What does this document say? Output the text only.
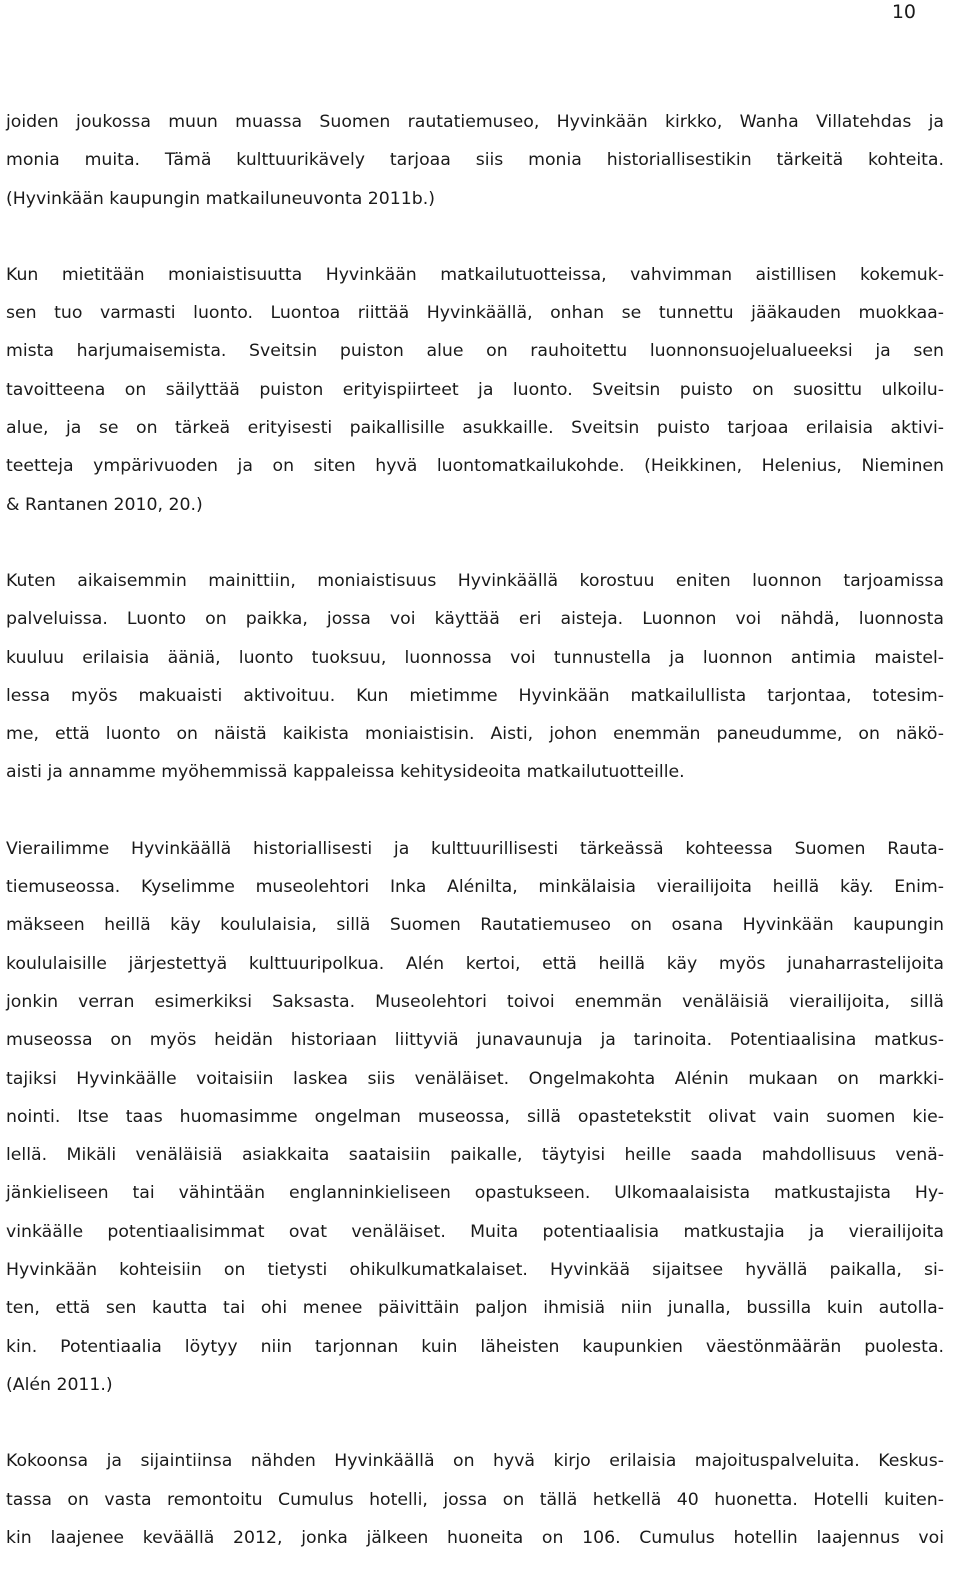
10
joiden joukossa muun muassa Suomen rautatiemuseo, Hyvinkään kirkko, Wanha Villatehdas ja
monia muita. Tämä kulttuurikävely tarjoaa siis monia historiallisestikin tärkeitä kohteita.
(Hyvinkään kaupungin matkailuneuvonta 2011b.)
Kun mietitään moniaistisuutta Hyvinkään matkailutuotteissa, vahvimman aistillisen kokemuk-
sen tuo varmasti luonto. Luontoa riittää Hyvinkäällä, onhan se tunnettu jääkauden muokkaa-
mista harjumaisemista. Sveitsin puiston alue on rauhoitettu luonnonsuojelualueeksi ja sen
tavoitteena on säilyttää puiston erityispiirteet ja luonto. Sveitsin puisto on suosittu ulkoilu-
alue, ja se on tärkeä erityisesti paikallisille asukkaille. Sveitsin puisto tarjoaa erilaisia aktivi-
teetteja ympärivuoden ja on siten hyvä luontomatkailukohde. (Heikkinen, Helenius, Nieminen
& Rantanen 2010, 20.)
Kuten aikaisemmin mainittiin, moniaistisuus Hyvinkäällä korostuu eniten luonnon tarjoamissa
palveluissa. Luonto on paikka, jossa voi käyttää eri aisteja. Luonnon voi nähdä, luonnosta
kuuluu erilaisia ääniä, luonto tuoksuu, luonnossa voi tunnustella ja luonnon antimia maistel-
lessa myös makuaisti aktivoituu. Kun mietimme Hyvinkään matkailullista tarjontaa, totesim-
me, että luonto on näistä kaikista moniaistisin. Aisti, johon enemmän paneudumme, on näkö-
aisti ja annamme myöhemmissä kappaleissa kehitysideoita matkailutuotteille.
Vierailimme Hyvinkäällä historiallisesti ja kulttuurillisesti tärkeässä kohteessa Suomen Rauta-
tiemuseossa. Kyselimme museolehtori Inka Alénilta, minkälaisia vierailijoita heillä käy. Enim-
mäkseen heillä käy koululaisia, sillä Suomen Rautatiemuseo on osana Hyvinkään kaupungin
koululaisille järjestettyä kulttuuripolkua. Alén kertoi, että heillä käy myös junaharrastelijoita
jonkin verran esimerkiksi Saksasta. Museolehtori toivoi enemmän venäläisiä vierailijoita, sillä
museossa on myös heidän historiaan liittyviä junavaunuja ja tarinoita. Potentiaalisina matkus-
tajiksi Hyvinkäälle voitaisiin laskea siis venäläiset. Ongelmakohta Alénin mukaan on markki-
nointi. Itse taas huomasimme ongelman museossa, sillä opastetekstit olivat vain suomen kie-
lellä. Mikäli venäläisiä asiakkaita saataisiin paikalle, täytyisi heille saada mahdollisuus venä-
jänkieliseen tai vähintään englanninkieliseen opastukseen. Ulkomaalaisista matkustajista Hy-
vinkäälle potentiaalisimmat ovat venäläiset. Muita potentiaalisia matkustajia ja vierailijoita
Hyvinkään kohteisiin on tietysti ohikulkumatkalaiset. Hyvinkää sijaitsee hyvällä paikalla, si-
ten, että sen kautta tai ohi menee päivittäin paljon ihmisiä niin junalla, bussilla kuin autolla-
kin. Potentiaalia löytyy niin tarjonnan kuin läheisten kaupunkien väestönmäärän puolesta.
(Alén 2011.)
Kokoonsa ja sijaintiinsa nähden Hyvinkäällä on hyvä kirjo erilaisia majoituspalveluita. Keskus-
tassa on vasta remontoitu Cumulus hotelli, jossa on tällä hetkellä 40 huonetta. Hotelli kuiten-
kin laajenee keväällä 2012, jonka jälkeen huoneita on 106. Cumulus hotellin laajennus voi
